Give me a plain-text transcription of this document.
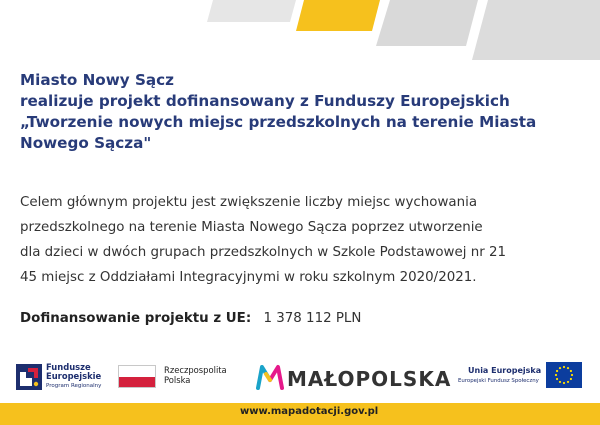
Miasto Nowy Sącz
realizuje projekt dofinansowany z Funduszy Europejskich
„Tworzenie nowych miejsc przedszkolnych na terenie Miasta
Nowego Sącza"
Celem głównym projektu jest zwiększenie liczby miejsc wychowania
przedszkolnego na terenie Miasta Nowego Sącza poprzez utworzenie
dla dzieci w dwóch grupach przedszkolnych w Szkole Podstawowej nr 21
45 miejsc z Oddziałami Integracyjnymi w roku szkolnym 2020/2021.
Dofinansowanie projektu z UE: 1 378 112 PLN
Fundusze
Europejskie
Program Regionalny
Rzeczpospolita
Polska	MAŁOPOLSKA Unia Europejska
Europejski Fundusz Społeczny
www.mapadotacji.gov.pl
